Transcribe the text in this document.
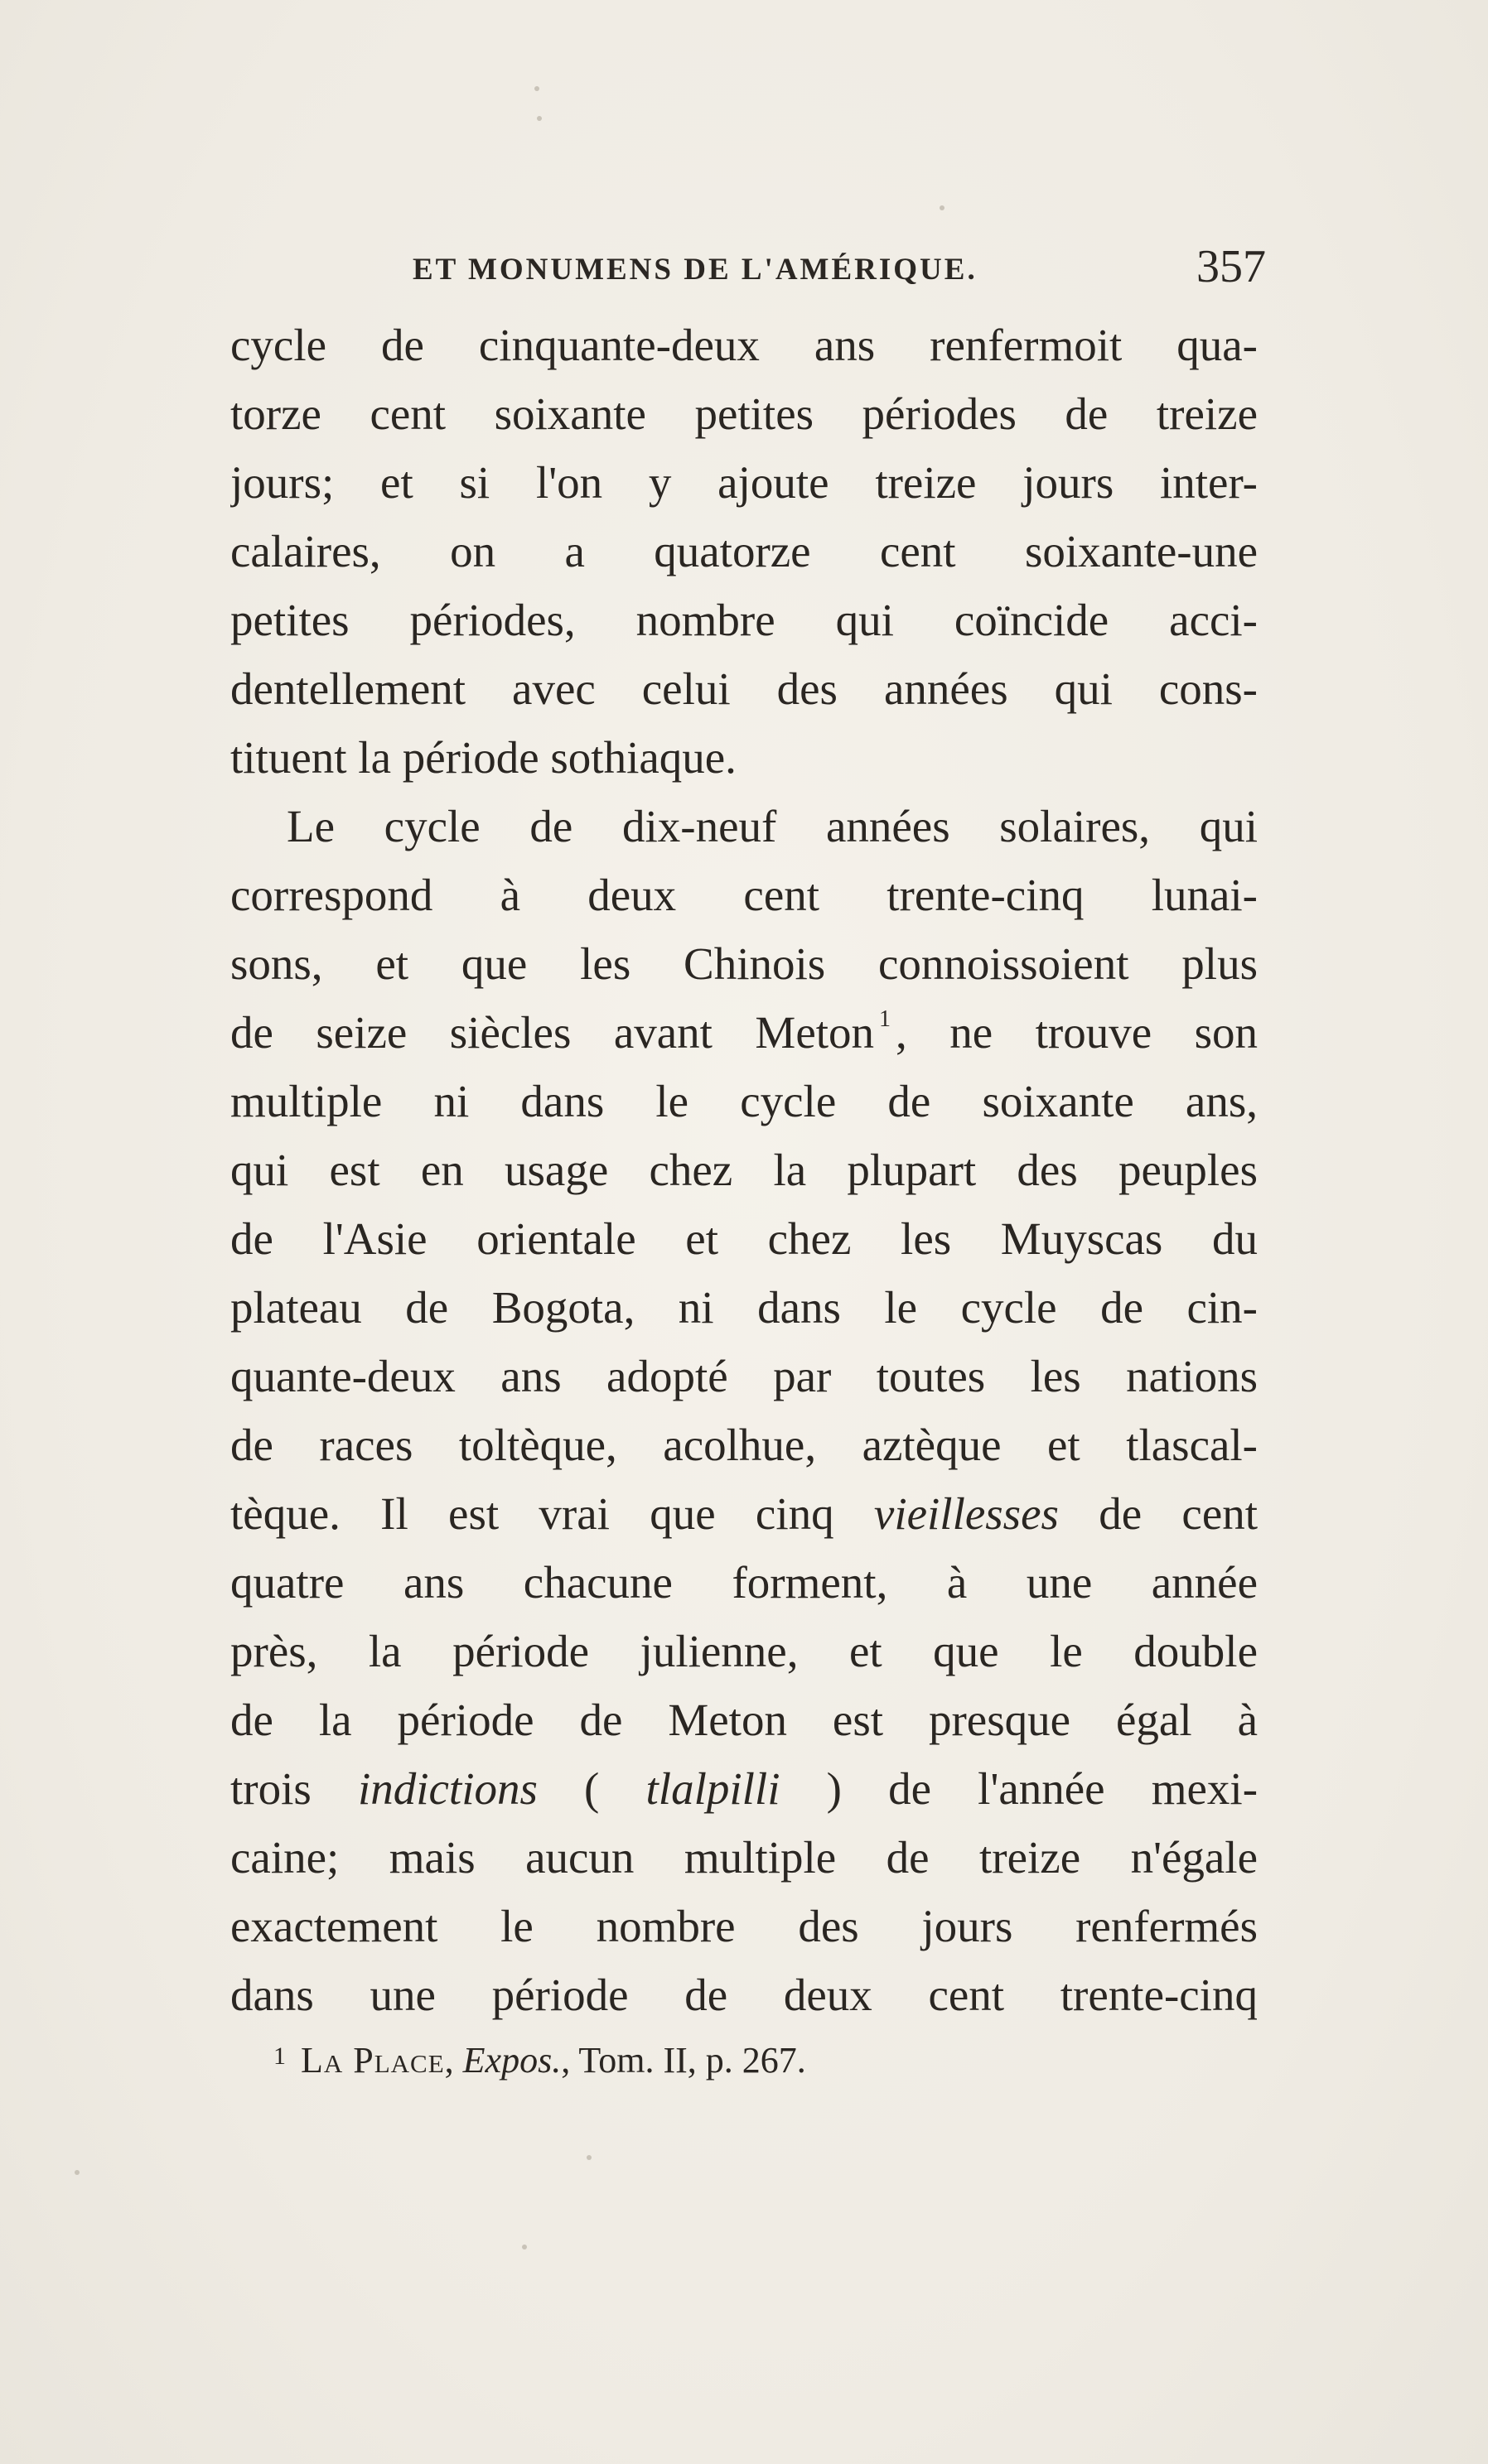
ET MONUMENS DE L'AMÉRIQUE.	357
cycle de cinquante-deux ans renfermoit qua-
torze cent soixante petites périodes de treize
jours; et si l'on y ajoute treize jours inter-
calaires, on a quatorze cent soixante-une
petites périodes, nombre qui coïncide acci-
dentellement avec celui des années qui cons-
tituent la période sothiaque.
Le cycle de dix-neuf années solaires, qui
correspond à deux cent trente-cinq lunai-
sons, et que les Chinois connoissoient plus
de seize siècles avant Meton $^1$ , ne trouve son
multiple ni dans le cycle de soixante ans,
qui est en usage chez la plupart des peuples
de l'Asie orientale et chez les Muyscas du
plateau de Bogota, ni dans le cycle de cin-
quante-deux ans adopté par toutes les nations
de races toltèque, acolhue, aztèque et tlascal-
tèque. Il est vrai que cinq vieillesses de cent
quatre ans chacune forment, à une année
près, la période julienne, et que le double
de la période de Meton est presque égal à
trois indictions ( tlalpilli ) de l'année mexi-
caine; mais aucun multiple de treize n'égale
exactement le nombre des jours renfermés
dans une période de deux cent trente-cinq
$^1$ La Place, Expos., Tom. II, p. 267.
